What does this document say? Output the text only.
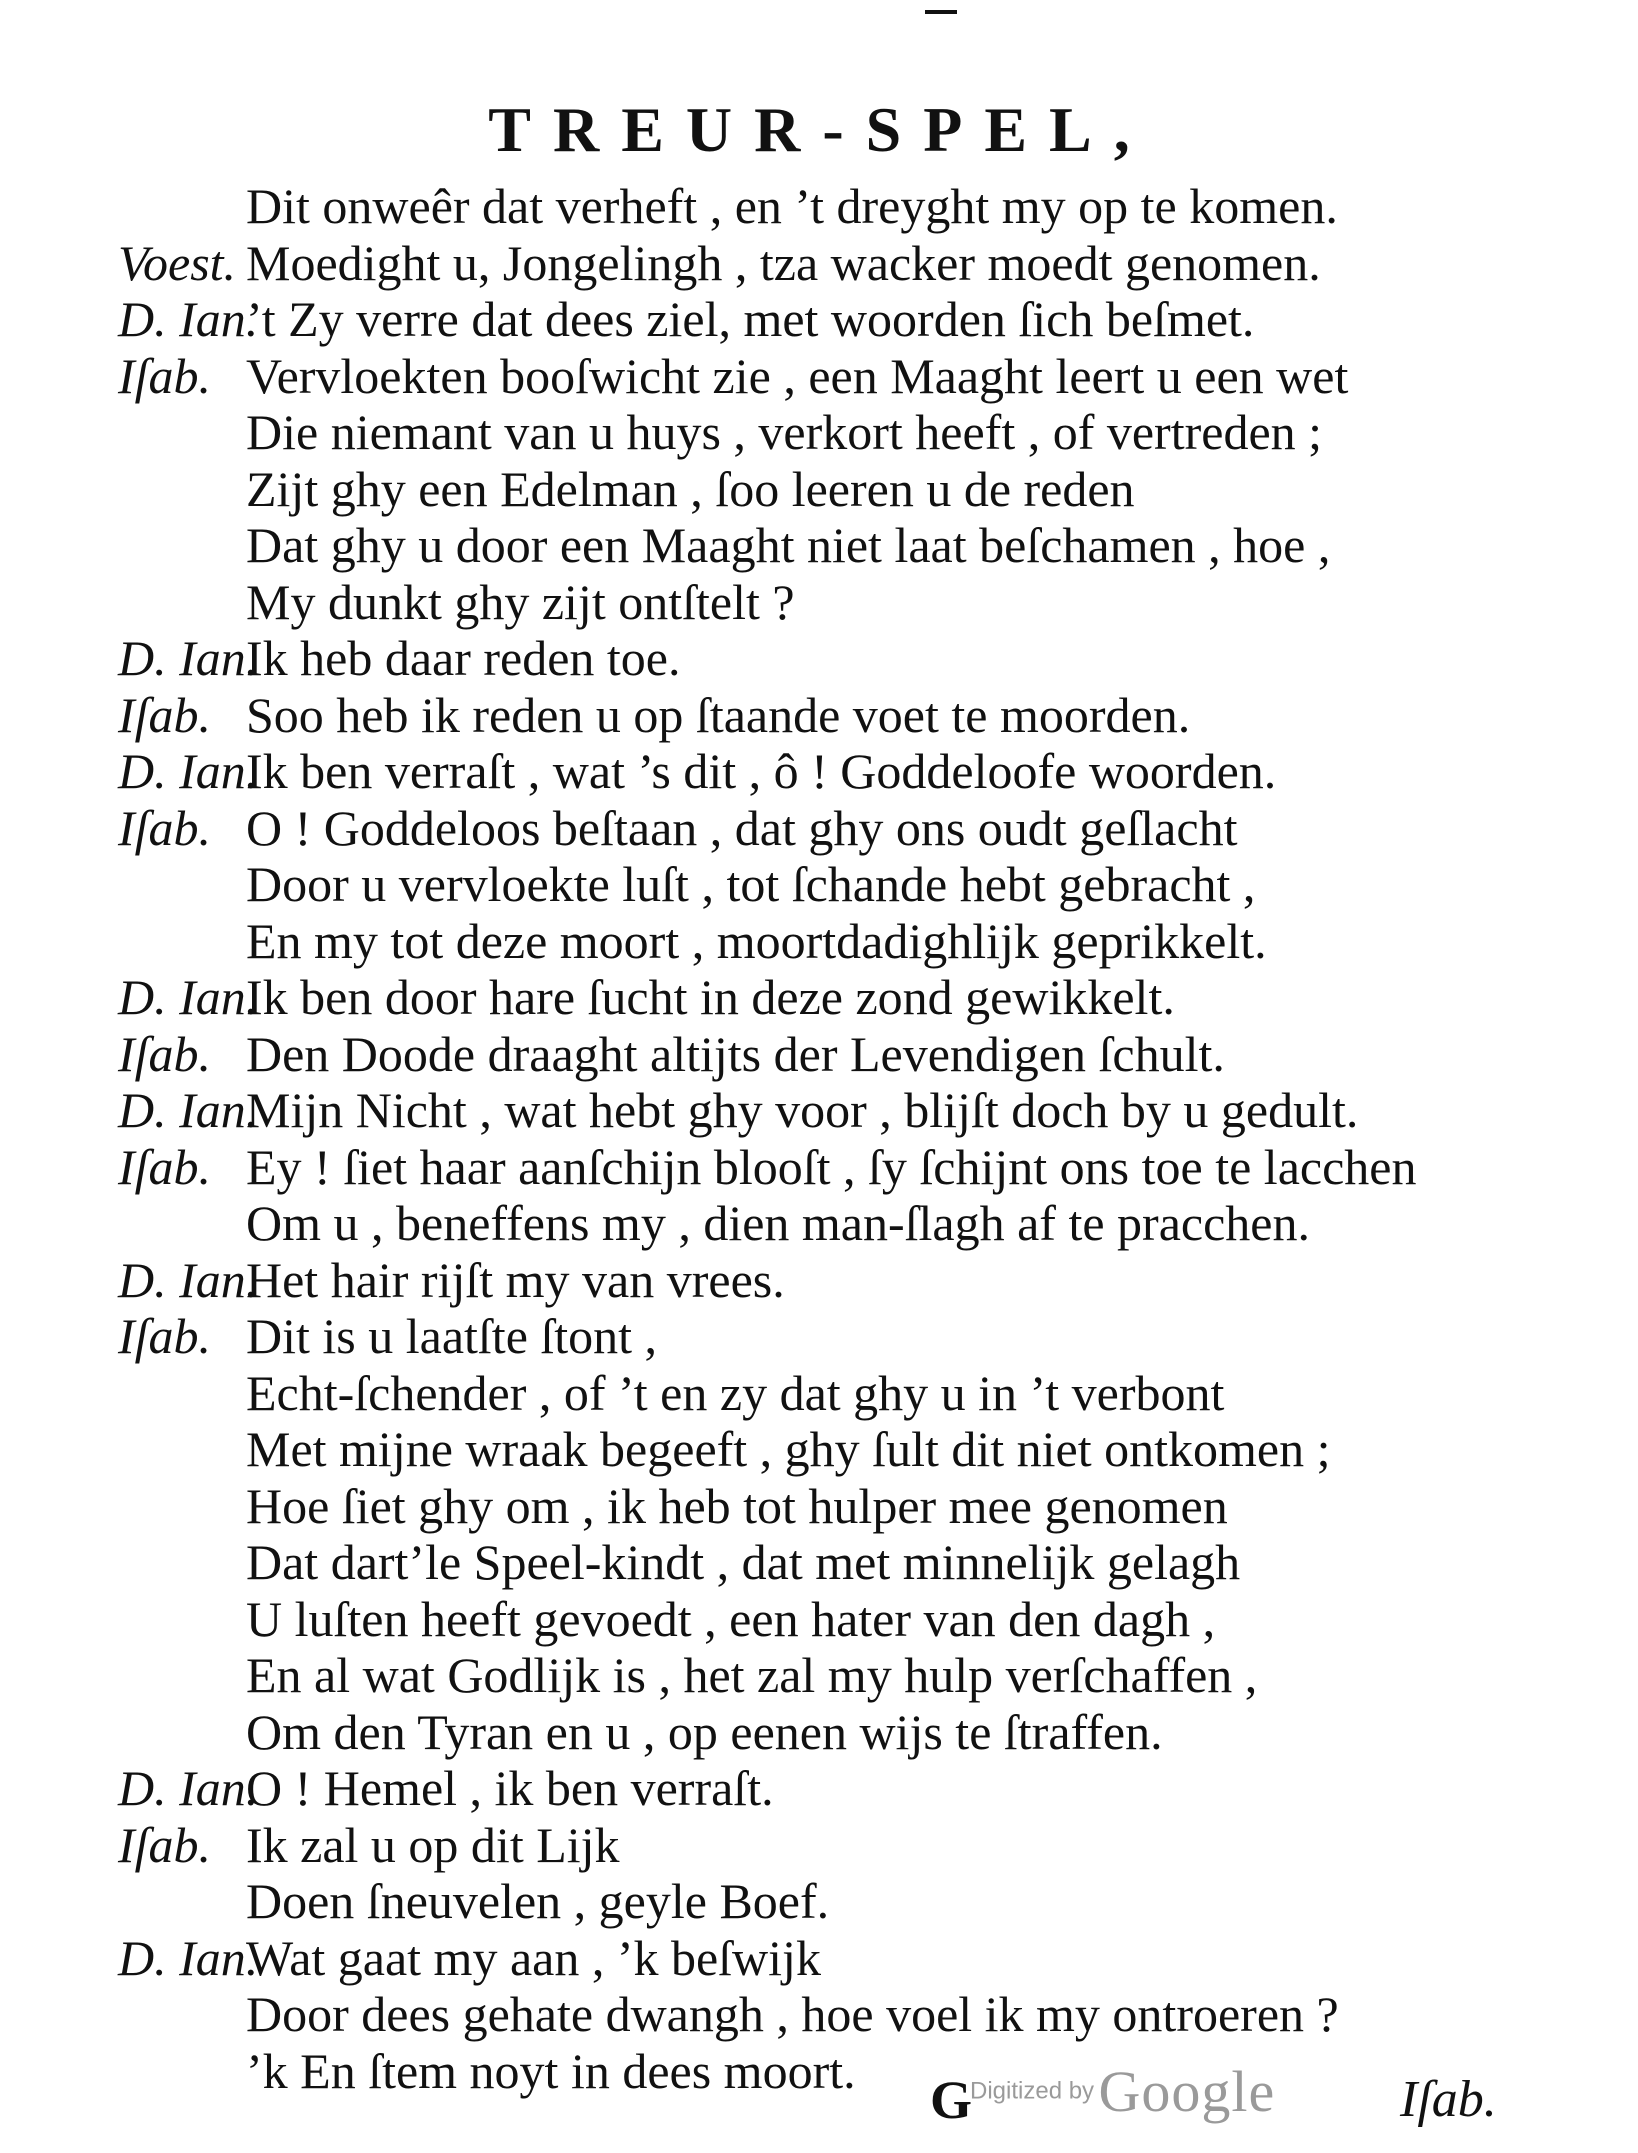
TREUR-SPEL,
Dit onweêr dat verheft , en ’t dreyght my op te komen.
Voest. Moedight u, Jongelingh , tza wacker moedt genomen.
D. Ian.
’t Zy verre dat dees ziel, met woorden ſich beſmet.
Iſab. Vervloekten booſwicht zie , een Maaght leert u een wet
Die niemant van u huys , verkort heeft , of vertreden ;
Zijt ghy een Edelman , ſoo leeren u de reden
Dat ghy u door een Maaght niet laat beſchamen , hoe ,
My dunkt ghy zijt ontſtelt ?
D. Ian.
Ik heb daar reden toe.
Iſab. Soo heb ik reden u op ſtaande voet te moorden.
D. Ian.
Ik ben verraſt , wat ’s dit , ô ! Goddeloofe woorden.
Iſab. O ! Goddeloos beſtaan , dat ghy ons oudt geſlacht
Door u vervloekte luſt , tot ſchande hebt gebracht ,
En my tot deze moort , moortdadighlijk geprikkelt.
D. Ian.
Ik ben door hare ſucht in deze zond gewikkelt.
Iſab. Den Doode draaght altijts der Levendigen ſchult.
D. Ian.
Mijn Nicht , wat hebt ghy voor , blijſt doch by u gedult.
Iſab. Ey ! ſiet haar aanſchijn blooſt , ſy ſchijnt ons toe te lacchen
Om u , beneffens my , dien man-ſlagh af te pracchen.
D. Ian.
Het hair rijſt my van vrees.
Iſab. Dit is u laatſte ſtont ,
Echt-ſchender , of ’t en zy dat ghy u in ’t verbont
Met mijne wraak begeeft , ghy ſult dit niet ontkomen ;
Hoe ſiet ghy om , ik heb tot hulper mee genomen
Dat dart’le Speel-kindt , dat met minnelijk gelagh
U luſten heeft gevoedt , een hater van den dagh ,
En al wat Godlijk is , het zal my hulp verſchaffen ,
Om den Tyran en u , op eenen wijs te ſtraffen.
D. Ian.
O ! Hemel , ik ben verraſt.
Iſab. Ik zal u op dit Lijk
Doen ſneuvelen , geyle Boef.
D. Ian.
Wat gaat my aan , ’k beſwijk
Door dees gehate dwangh , hoe voel ik my ontroeren ?
’k En ſtem noyt in dees moort. G
Digitized by Google Iſab.
